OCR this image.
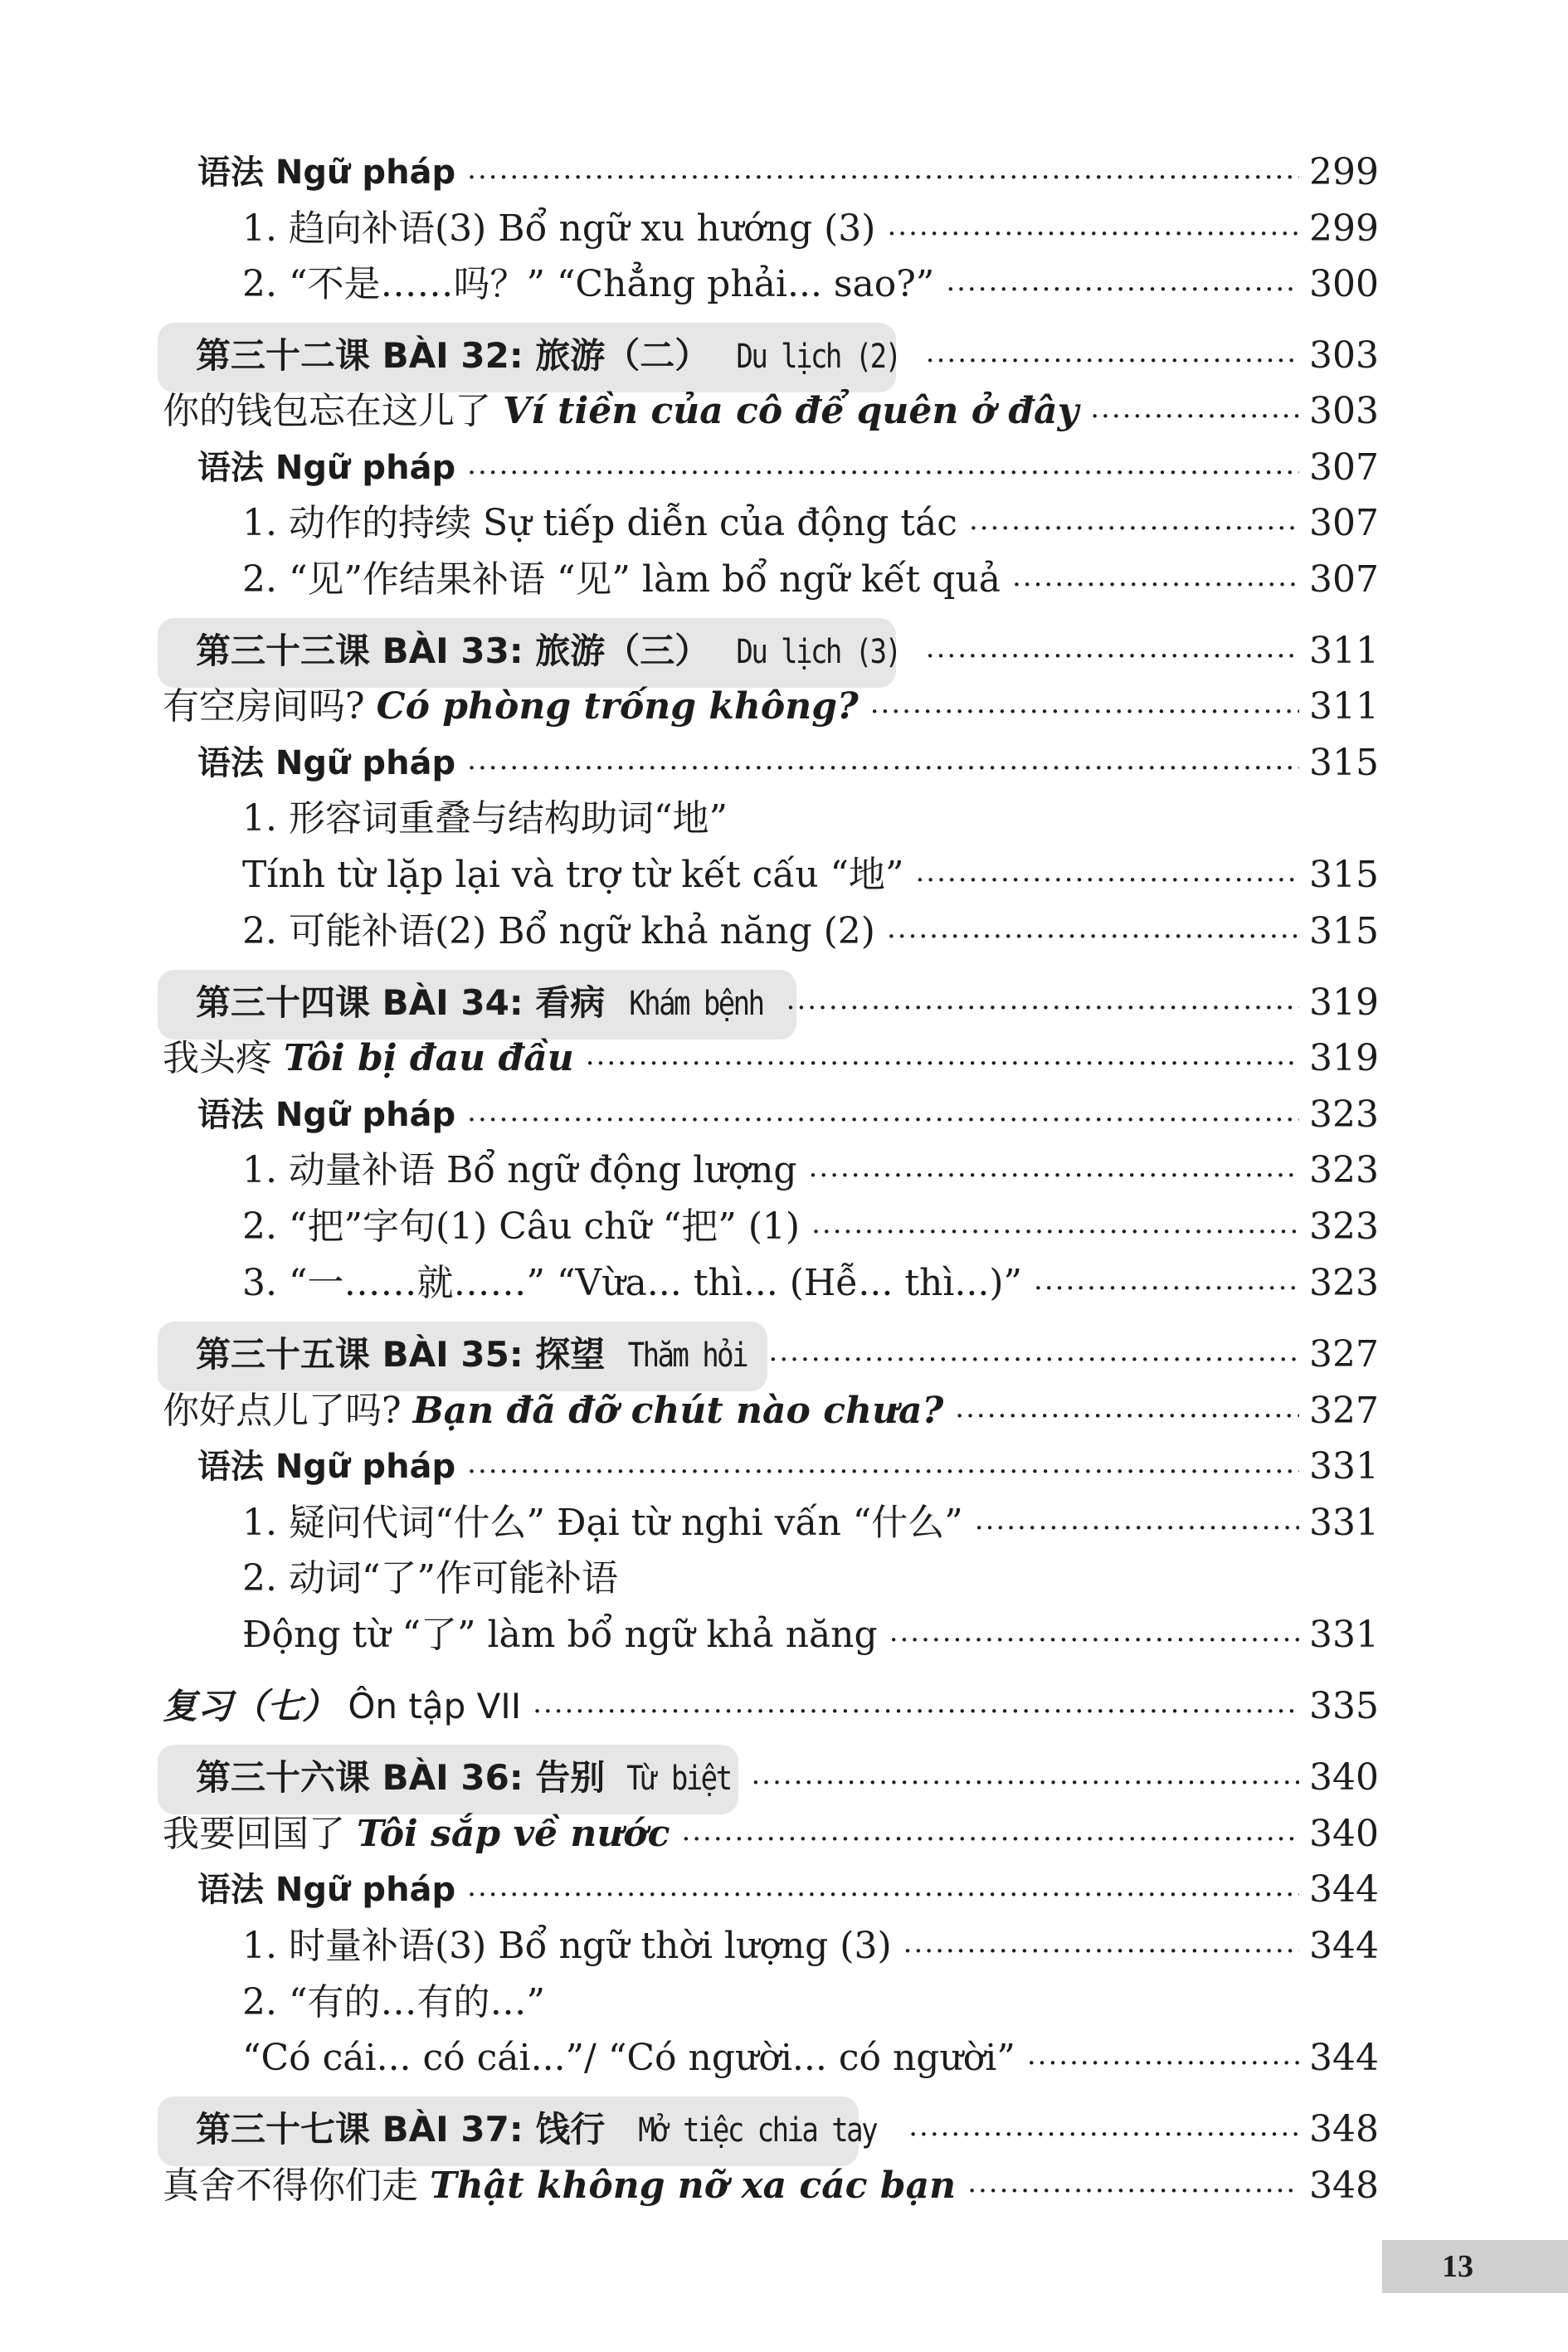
语法 Ngữ pháp .....	299
1. 趋向补语(3) Bổ ngữ xu hướng (3) .....	299
2. “不是……吗？” “Chẳng phải... sao?” .....	300
第三十二课 BÀI 32: 旅游（二） Du lịch (2) .....	303
你的钱包忘在这儿了 Ví tiền của cô để quên ở đây .....	303
语法 Ngữ pháp .....	307
1. 动作的持续 Sự tiếp diễn của động tác .....	307
2. “见”作结果补语 “见” làm bổ ngữ kết quả .....	307
第三十三课 BÀI 33: 旅游（三） Du lịch (3) .....	311
有空房间吗? Có phòng trống không? .....	311
语法 Ngữ pháp .....	315
1. 形容词重叠与结构助词“地”
Tính từ lặp lại và trợ từ kết cấu “地” .....	315
2. 可能补语(2) Bổ ngữ khả năng (2) .....	315
第三十四课 BÀI 34: 看病 Khám bệnh .....	319
我头疼 Tôi bị đau đầu .....	319
语法 Ngữ pháp .....	323
1. 动量补语 Bổ ngữ động lượng .....	323
2. “把”字句(1) Câu chữ “把” (1) .....	323
3. “一……就……” “Vừa... thì... (Hễ... thì...)” .....	323
第三十五课 BÀI 35: 探望 Thăm hỏi .....	327
你好点儿了吗? Bạn đã đỡ chút nào chưa? .....	327
语法 Ngữ pháp .....	331
1. 疑问代词“什么” Đại từ nghi vấn “什么” .....	331
2. 动词“了”作可能补语
Động từ “了” làm bổ ngữ khả năng .....	331
复习（七） Ôn tập VII .....	335
第三十六课 BÀI 36: 告别 Từ biệt .....	340
我要回国了 Tôi sắp về nước .....	340
语法 Ngữ pháp .....	344
1. 时量补语(3) Bổ ngữ thời lượng (3) .....	344
2. “有的…有的…”
“Có cái... có cái...”/ “Có người... có người” .....	344
第三十七课 BÀI 37: 饯行 Mở tiệc chia tay .....	348
真舍不得你们走 Thật không nỡ xa các bạn .....	348
13
